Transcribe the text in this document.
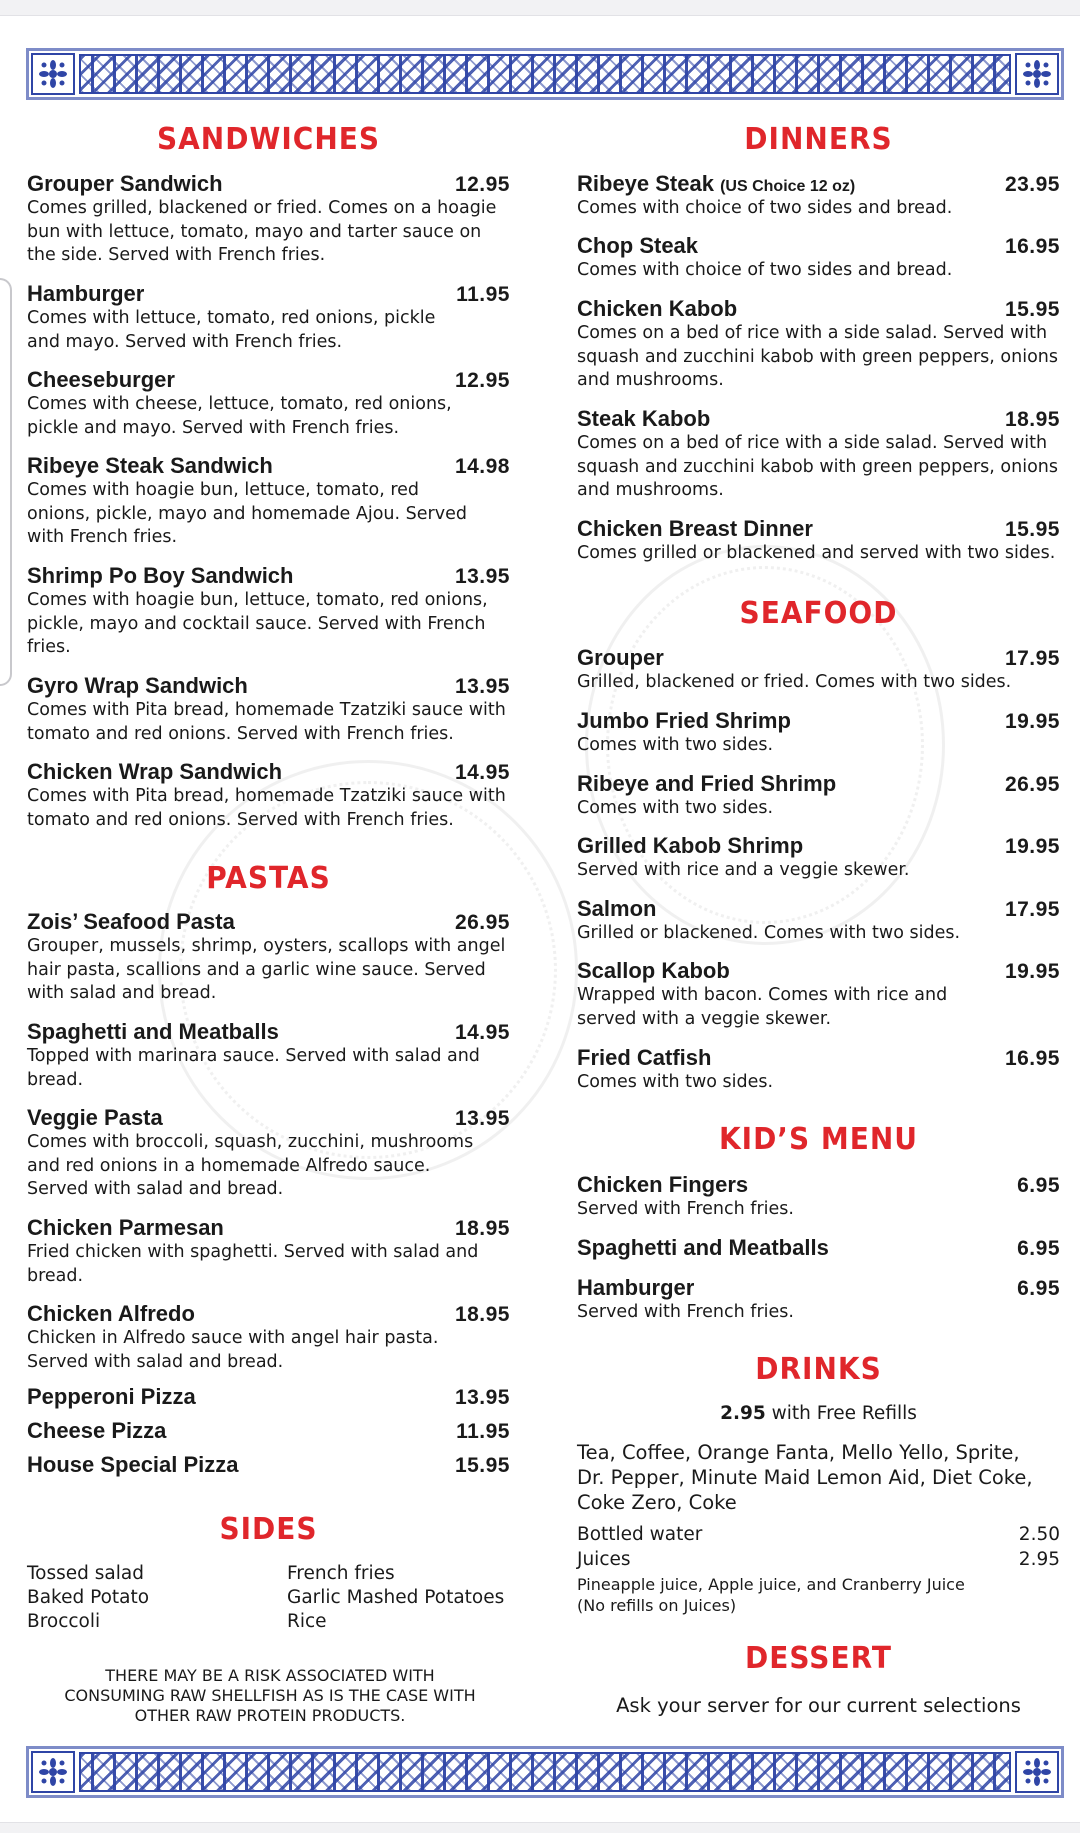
SANDWICHES
Grouper Sandwich	12.95
Comes grilled, blackened or fried. Comes on a hoagie bun with lettuce, tomato, mayo and tarter sauce on the side. Served with French fries.
Hamburger	11.95
Comes with lettuce, tomato, red onions, pickle and mayo. Served with French fries.
Cheeseburger	12.95
Comes with cheese, lettuce, tomato, red onions, pickle and mayo. Served with French fries.
Ribeye Steak Sandwich	14.98
Comes with hoagie bun, lettuce, tomato, red onions, pickle, mayo and homemade Ajou. Served with French fries.
Shrimp Po Boy Sandwich	13.95
Comes with hoagie bun, lettuce, tomato, red onions, pickle, mayo and cocktail sauce. Served with French fries.
Gyro Wrap Sandwich	13.95
Comes with Pita bread, homemade Tzatziki sauce with tomato and red onions. Served with French fries.
Chicken Wrap Sandwich	14.95
Comes with Pita bread, homemade Tzatziki sauce with tomato and red onions. Served with French fries.
PASTAS
Zois’ Seafood Pasta	26.95
Grouper, mussels, shrimp, oysters, scallops with angel hair pasta, scallions and a garlic wine sauce. Served with salad and bread.
Spaghetti and Meatballs	14.95
Topped with marinara sauce. Served with salad and bread.
Veggie Pasta	13.95
Comes with broccoli, squash, zucchini, mushrooms and red onions in a homemade Alfredo sauce. Served with salad and bread.
Chicken Parmesan	18.95
Fried chicken with spaghetti. Served with salad and bread.
Chicken Alfredo	18.95
Chicken in Alfredo sauce with angel hair pasta. Served with salad and bread.
Pepperoni Pizza	13.95
Cheese Pizza	11.95
House Special Pizza	15.95
SIDES
Tossed salad
Baked Potato
Broccoli
French fries
Garlic Mashed Potatoes
Rice
THERE MAY BE A RISK ASSOCIATED WITH CONSUMING RAW SHELLFISH AS IS THE CASE WITH OTHER RAW PROTEIN PRODUCTS.
DINNERS
Ribeye Steak (US Choice 12 oz)	23.95
Comes with choice of two sides and bread.
Chop Steak	16.95
Comes with choice of two sides and bread.
Chicken Kabob	15.95
Comes on a bed of rice with a side salad. Served with squash and zucchini kabob with green peppers, onions and mushrooms.
Steak Kabob	18.95
Comes on a bed of rice with a side salad. Served with squash and zucchini kabob with green peppers, onions and mushrooms.
Chicken Breast Dinner	15.95
Comes grilled or blackened and served with two sides.
SEAFOOD
Grouper	17.95
Grilled, blackened or fried. Comes with two sides.
Jumbo Fried Shrimp	19.95
Comes with two sides.
Ribeye and Fried Shrimp	26.95
Comes with two sides.
Grilled Kabob Shrimp	19.95
Served with rice and a veggie skewer.
Salmon	17.95
Grilled or blackened. Comes with two sides.
Scallop Kabob	19.95
Wrapped with bacon. Comes with rice and served with a veggie skewer.
Fried Catfish	16.95
Comes with two sides.
KID’S MENU
Chicken Fingers	6.95
Served with French fries.
Spaghetti and Meatballs	6.95
Hamburger	6.95
Served with French fries.
DRINKS
2.95 with Free Refills
Tea, Coffee, Orange Fanta, Mello Yello, Sprite, Dr. Pepper, Minute Maid Lemon Aid, Diet Coke, Coke Zero, Coke
Bottled water	2.50
Juices	2.95
Pineapple juice, Apple juice, and Cranberry Juice
(No refills on Juices)
DESSERT
Ask your server for our current selections
